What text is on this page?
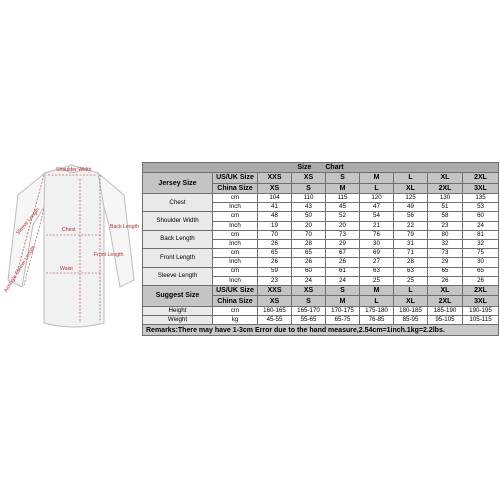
Shoulder Width
Sleeve Length	Chest	Back Length
Front Length
Waist
Armhole Sleeve Length
Size Chart								
Jersey Size	US/UK Size	XXS	XS	S	M	L	XL	2XL
	China Size	XS	S	M	L	XL	2XL	3XL
Chest	cm	104	110	115	120	125	130	135
	Inch	41	43	45	47	49	51	53
Shoulder Width	cm	48	50	52	54	56	58	60
	Inch	19	20	20	21	22	23	24
Back Length	cm	70	70	73	76	79	80	81
	Inch	26	28	29	30	31	32	32
Front Length	cm	65	65	67	69	71	73	75
	Inch	26	26	26	27	28	29	30
Sleeve Length	cm	59	60	61	63	63	65	65
	Inch	23	24	24	25	25	26	26
Suggest Size	US/UK Size	XXS	XS	S	M	L	XL	2XL
	China Size	XS	S	M	L	XL	2XL	3XL
Height	cm	160-165	165-170	170-175	175-180	180-185	185-190	190-195
Weight	kg	45-55	55-65	65-75	76-85	85-95	95-105	105-115
Remarks:There may have 1-3cm Error due to the hand measure,2.54cm=1inch.1kg=2.2lbs.								
